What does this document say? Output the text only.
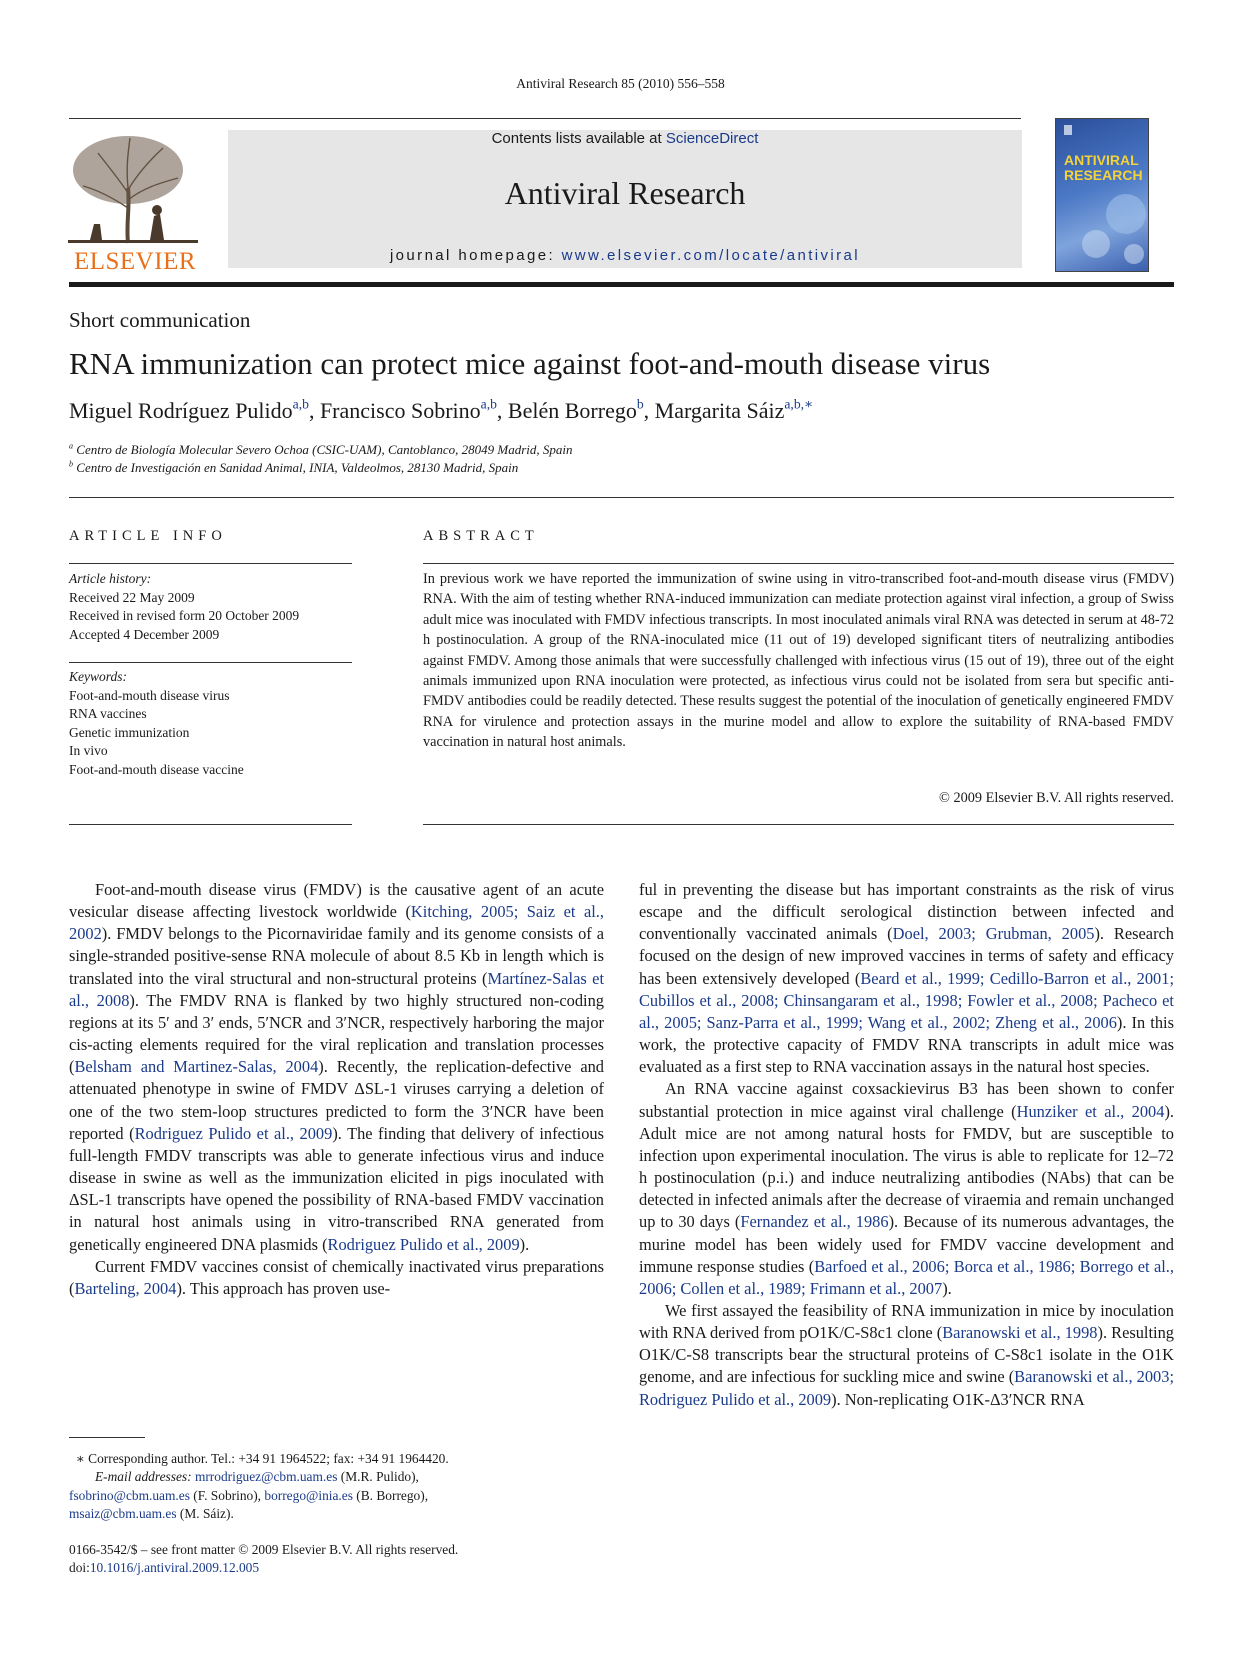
Antiviral Research 85 (2010) 556–558
ELSEVIER
Contents lists available at ScienceDirect
Antiviral Research
journal homepage: www.elsevier.com/locate/antiviral
ANTIVIRAL RESEARCH
Short communication
RNA immunization can protect mice against foot-and-mouth disease virus
Miguel Rodríguez Pulido$^{a,b}$, Francisco Sobrino$^{a,b}$, Belén Borrego$^b$, Margarita Sáiz$^{a,b,∗}$
$^a$ Centro de Biología Molecular Severo Ochoa (CSIC-UAM), Cantoblanco, 28049 Madrid, Spain
$^b$ Centro de Investigación en Sanidad Animal, INIA, Valdeolmos, 28130 Madrid, Spain
ARTICLE INFO
Article history:
Received 22 May 2009
Received in revised form 20 October 2009
Accepted 4 December 2009
Keywords:
Foot-and-mouth disease virus
RNA vaccines
Genetic immunization
In vivo
Foot-and-mouth disease vaccine
ABSTRACT
In previous work we have reported the immunization of swine using in vitro-transcribed foot-and-mouth disease virus (FMDV) RNA. With the aim of testing whether RNA-induced immunization can mediate protection against viral infection, a group of Swiss adult mice was inoculated with FMDV infectious transcripts. In most inoculated animals viral RNA was detected in serum at 48-72 h postinoculation. A group of the RNA-inoculated mice (11 out of 19) developed significant titers of neutralizing antibodies against FMDV. Among those animals that were successfully challenged with infectious virus (15 out of 19), three out of the eight animals immunized upon RNA inoculation were protected, as infectious virus could not be isolated from sera but specific anti-FMDV antibodies could be readily detected. These results suggest the potential of the inoculation of genetically engineered FMDV RNA for virulence and protection assays in the murine model and allow to explore the suitability of RNA-based FMDV vaccination in natural host animals.
© 2009 Elsevier B.V. All rights reserved.

Foot-and-mouth disease virus (FMDV) is the causative agent of an acute vesicular disease affecting livestock worldwide (Kitching, 2005; Saiz et al., 2002). FMDV belongs to the Picornaviridae family and its genome consists of a single-stranded positive-sense RNA molecule of about 8.5 Kb in length which is translated into the viral structural and non-structural proteins (Martínez-Salas et al., 2008). The FMDV RNA is flanked by two highly structured non-coding regions at its 5′ and 3′ ends, 5′NCR and 3′NCR, respectively harboring the major cis-acting elements required for the viral replication and translation processes (Belsham and Martinez-Salas, 2004). Recently, the replication-defective and attenuated phenotype in swine of FMDV ΔSL-1 viruses carrying a deletion of one of the two stem-loop structures predicted to form the 3′NCR have been reported (Rodriguez Pulido et al., 2009). The finding that delivery of infectious full-length FMDV transcripts was able to generate infectious virus and induce disease in swine as well as the immunization elicited in pigs inoculated with ΔSL-1 transcripts have opened the possibility of RNA-based FMDV vaccination in natural host animals using in vitro-transcribed RNA generated from genetically engineered DNA plasmids (Rodriguez Pulido et al., 2009).

Current FMDV vaccines consist of chemically inactivated virus preparations (Barteling, 2004). This approach has proven use-

ful in preventing the disease but has important constraints as the risk of virus escape and the difficult serological distinction between infected and conventionally vaccinated animals (Doel, 2003; Grubman, 2005). Research focused on the design of new improved vaccines in terms of safety and efficacy has been extensively developed (Beard et al., 1999; Cedillo-Barron et al., 2001; Cubillos et al., 2008; Chinsangaram et al., 1998; Fowler et al., 2008; Pacheco et al., 2005; Sanz-Parra et al., 1999; Wang et al., 2002; Zheng et al., 2006). In this work, the protective capacity of FMDV RNA transcripts in adult mice was evaluated as a first step to RNA vaccination assays in the natural host species.

An RNA vaccine against coxsackievirus B3 has been shown to confer substantial protection in mice against viral challenge (Hunziker et al., 2004). Adult mice are not among natural hosts for FMDV, but are susceptible to infection upon experimental inoculation. The virus is able to replicate for 12–72 h postinoculation (p.i.) and induce neutralizing antibodies (NAbs) that can be detected in infected animals after the decrease of viraemia and remain unchanged up to 30 days (Fernandez et al., 1986). Because of its numerous advantages, the murine model has been widely used for FMDV vaccine development and immune response studies (Barfoed et al., 2006; Borca et al., 1986; Borrego et al., 2006; Collen et al., 1989; Frimann et al., 2007).

We first assayed the feasibility of RNA immunization in mice by inoculation with RNA derived from pO1K/C-S8c1 clone (Baranowski et al., 1998). Resulting O1K/C-S8 transcripts bear the structural proteins of C-S8c1 isolate in the O1K genome, and are infectious for suckling mice and swine (Baranowski et al., 2003; Rodriguez Pulido et al., 2009). Non-replicating O1K-Δ3′NCR RNA

∗ Corresponding author. Tel.: +34 91 1964522; fax: +34 91 1964420.
E-mail addresses: mrrodriguez@cbm.uam.es (M.R. Pulido),
fsobrino@cbm.uam.es (F. Sobrino), borrego@inia.es (B. Borrego),
msaiz@cbm.uam.es (M. Sáiz).
0166-3542/$ – see front matter © 2009 Elsevier B.V. All rights reserved.
doi:10.1016/j.antiviral.2009.12.005
